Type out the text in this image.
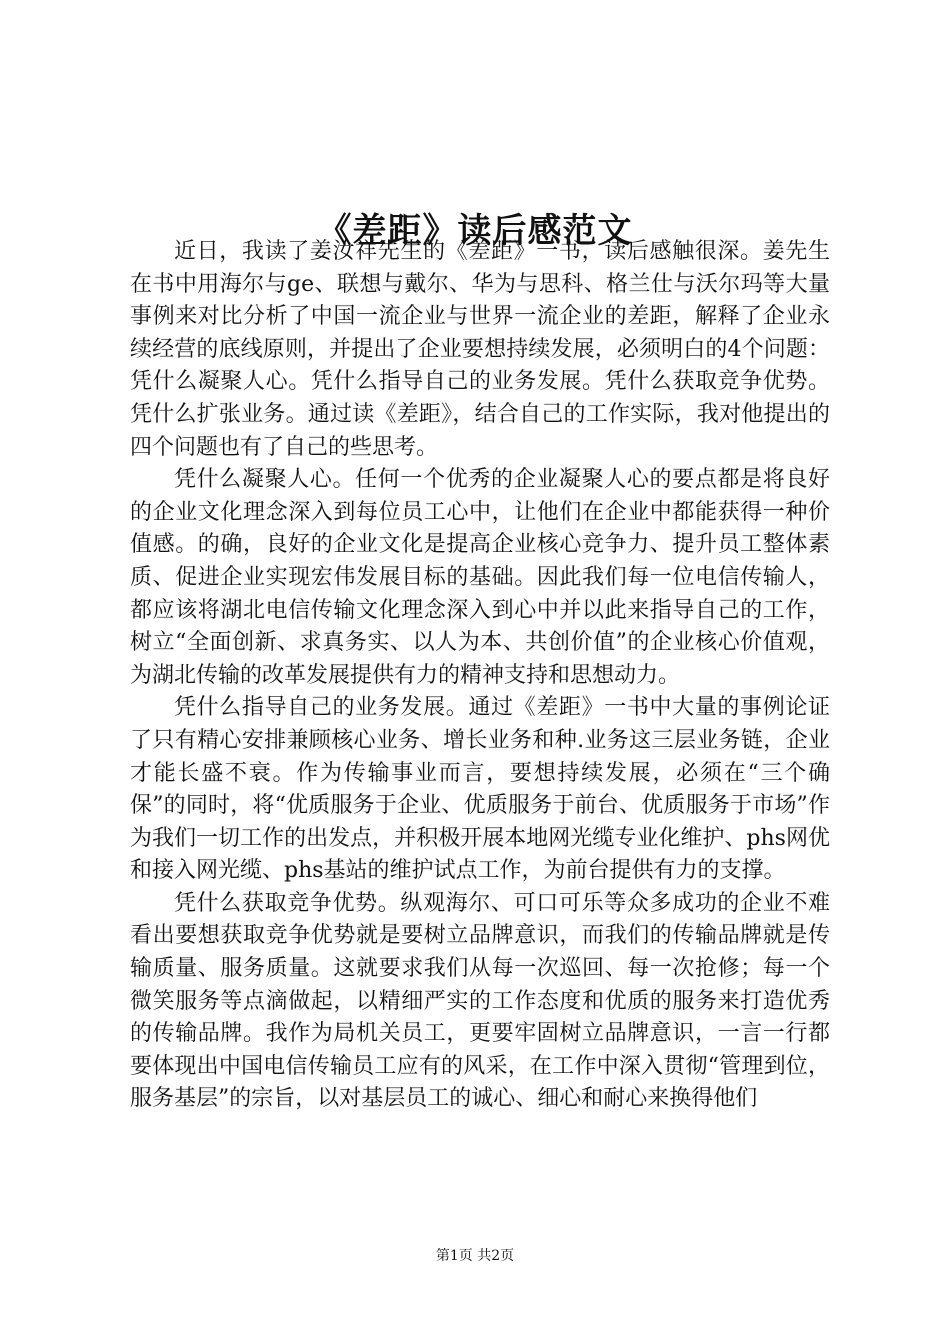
《差距》读后感范文

近日，我读了姜汝祥先生的《差距》一书，读后感触很深。姜先生在书中用海尔与ge、联想与戴尔、华为与思科、格兰仕与沃尔玛等大量事例来对比分析了中国一流企业与世界一流企业的差距，解释了企业永续经营的底线原则，并提出了企业要想持续发展，必须明白的4个问题：凭什么凝聚人心。凭什么指导自己的业务发展。凭什么获取竞争优势。凭什么扩张业务。通过读《差距》，结合自己的工作实际，我对他提出的四个问题也有了自己的些思考。

凭什么凝聚人心。任何一个优秀的企业凝聚人心的要点都是将良好的企业文化理念深入到每位员工心中，让他们在企业中都能获得一种价值感。的确，良好的企业文化是提高企业核心竞争力、提升员工整体素质、促进企业实现宏伟发展目标的基础。因此我们每一位电信传输人，都应该将湖北电信传输文化理念深入到心中并以此来指导自己的工作，树立“全面创新、求真务实、以人为本、共创价值”的企业核心价值观，为湖北传输的改革发展提供有力的精神支持和思想动力。

凭什么指导自己的业务发展。通过《差距》一书中大量的事例论证了只有精心安排兼顾核心业务、增长业务和种.业务这三层业务链，企业才能长盛不衰。作为传输事业而言，要想持续发展，必须在“三个确保”的同时，将“优质服务于企业、优质服务于前台、优质服务于市场”作为我们一切工作的出发点，并积极开展本地网光缆专业化维护、phs网优和接入网光缆、phs基站的维护试点工作，为前台提供有力的支撑。

凭什么获取竞争优势。纵观海尔、可口可乐等众多成功的企业不难看出要想获取竞争优势就是要树立品牌意识，而我们的传输品牌就是传输质量、服务质量。这就要求我们从每一次巡回、每一次抢修；每一个微笑服务等点滴做起，以精细严实的工作态度和优质的服务来打造优秀的传输品牌。我作为局机关员工，更要牢固树立品牌意识，一言一行都要体现出中国电信传输员工应有的风采，在工作中深入贯彻“管理到位，服务基层”的宗旨，以对基层员工的诚心、细心和耐心来换得他们

第1页 共2页
